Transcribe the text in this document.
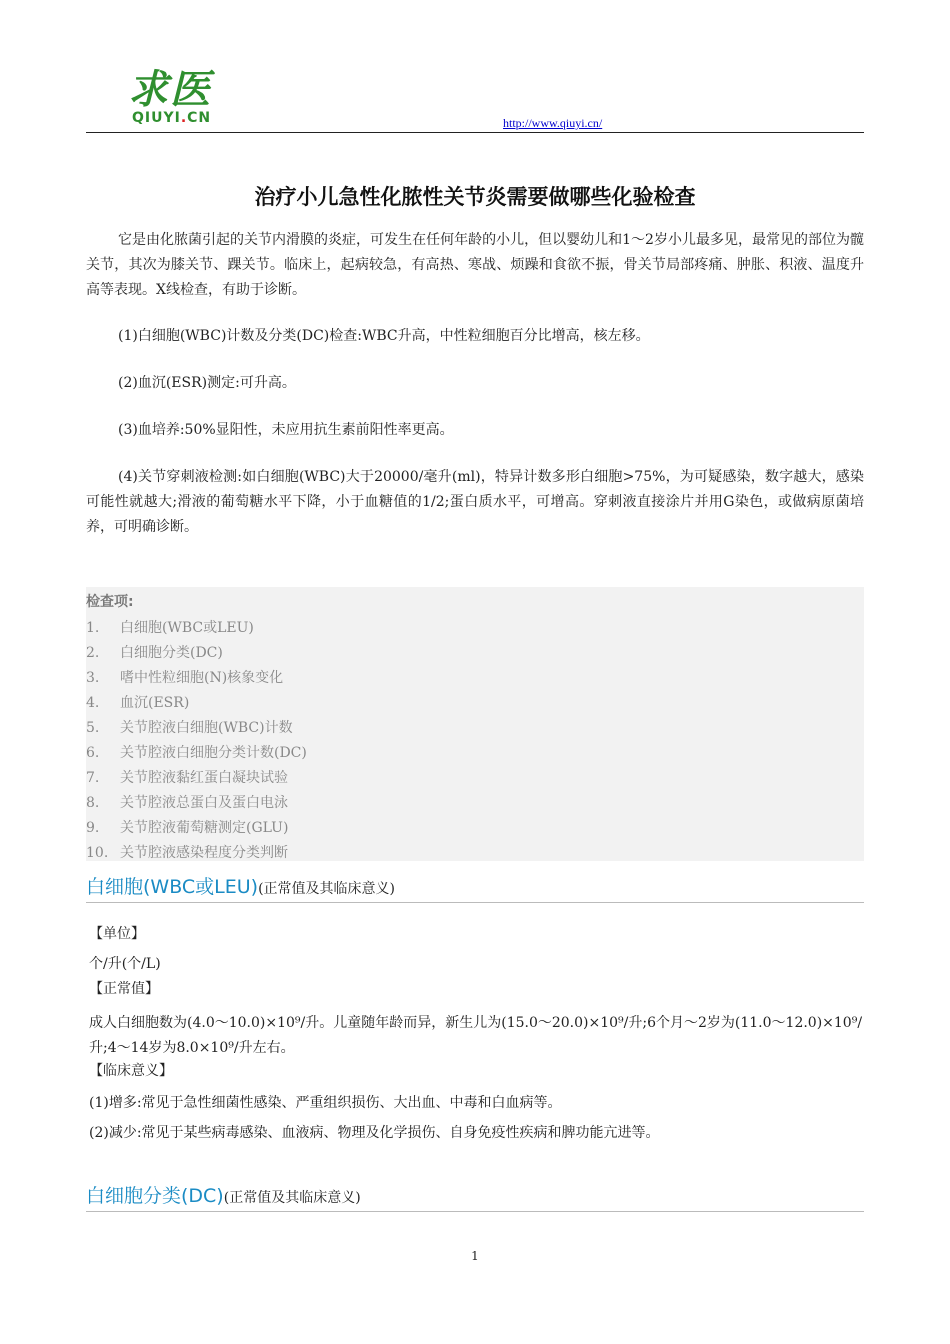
求医
QIUYI.CN	http://www.qiuyi.cn/
治疗小儿急性化脓性关节炎需要做哪些化验检查
它是由化脓菌引起的关节内滑膜的炎症，可发生在任何年龄的小儿，但以婴幼儿和1～2岁小儿最多见，最常见的部位为髋关节，其次为膝关节、踝关节。临床上，起病较急，有高热、寒战、烦躁和食欲不振，骨关节局部疼痛、肿胀、积液、温度升高等表现。X线检查，有助于诊断。
(1)白细胞(WBC)计数及分类(DC)检查:WBC升高，中性粒细胞百分比增高，核左移。
(2)血沉(ESR)测定:可升高。
(3)血培养:50%显阳性，未应用抗生素前阳性率更高。
(4)关节穿刺液检测:如白细胞(WBC)大于20000/毫升(ml)，特异计数多形白细胞>75%，为可疑感染，数字越大，感染可能性就越大;滑液的葡萄糖水平下降，小于血糖值的1/2;蛋白质水平，可增高。穿刺液直接涂片并用G染色，或做病原菌培养，可明确诊断。
检查项:
1. 白细胞(WBC或LEU)
2. 白细胞分类(DC)
3. 嗜中性粒细胞(N)核象变化
4. 血沉(ESR)
5. 关节腔液白细胞(WBC)计数
6. 关节腔液白细胞分类计数(DC)
7. 关节腔液黏红蛋白凝块试验
8. 关节腔液总蛋白及蛋白电泳
9. 关节腔液葡萄糖测定(GLU)
10. 关节腔液感染程度分类判断
白细胞(WBC或LEU)(正常值及其临床意义)
【单位】
个/升(个/L)
【正常值】
成人白细胞数为(4.0～10.0)×10⁹/升。儿童随年龄而异，新生儿为(15.0～20.0)×10⁹/升;6个月～2岁为(11.0～12.0)×10⁹/升;4～14岁为8.0×10⁹/升左右。
【临床意义】
(1)增多:常见于急性细菌性感染、严重组织损伤、大出血、中毒和白血病等。
(2)减少:常见于某些病毒感染、血液病、物理及化学损伤、自身免疫性疾病和脾功能亢进等。
白细胞分类(DC)(正常值及其临床意义)
1
